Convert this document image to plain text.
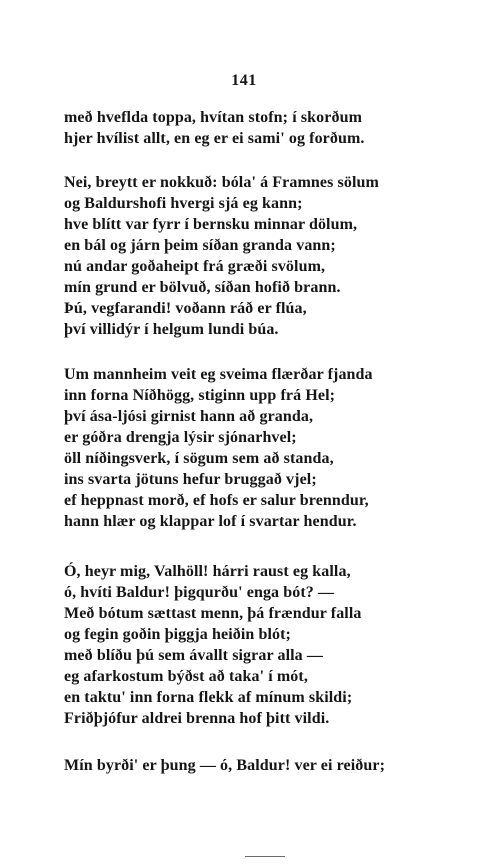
141
með hveflda toppa, hvítan stofn; í skorðum
hjer hvílist allt, en eg er ei sami' og forðum.
Nei, breytt er nokkuð: bóla' á Framnes sölum
og Baldurshofi hvergi sjá eg kann;
hve blítt var fyrr í bernsku minnar dölum,
en bál og járn þeim síðan granda vann;
nú andar goðaheipt frá græði svölum,
mín grund er bölvuð, síðan hofið brann.
Þú, vegfarandi! voðann ráð er flúa,
því villidýr í helgum lundi búa.
Um mannheim veit eg sveima flærðar fjanda
inn forna Níðhögg, stiginn upp frá Hel;
því ása-ljósi girnist hann að granda,
er góðra drengja lýsir sjónarhvel;
öll níðingsverk, í sögum sem að standa,
ins svarta jötuns hefur bruggað vjel;
ef heppnast morð, ef hofs er salur brenndur,
hann hlær og klappar lof í svartar hendur.
Ó, heyr mig, Valhöll! hárri raust eg kalla,
ó, hvíti Baldur! þigqurðu' enga bót? —
Með bótum sættast menn, þá frændur falla
og fegin goðin þiggja heiðin blót;
með blíðu þú sem ávallt sigrar alla —
eg afarkostum býðst að taka' í mót,
en taktu' inn forna flekk af mínum skildi;
Friðþjófur aldrei brenna hof þitt vildi.
Mín byrði' er þung — ó, Baldur! ver ei reiður;
